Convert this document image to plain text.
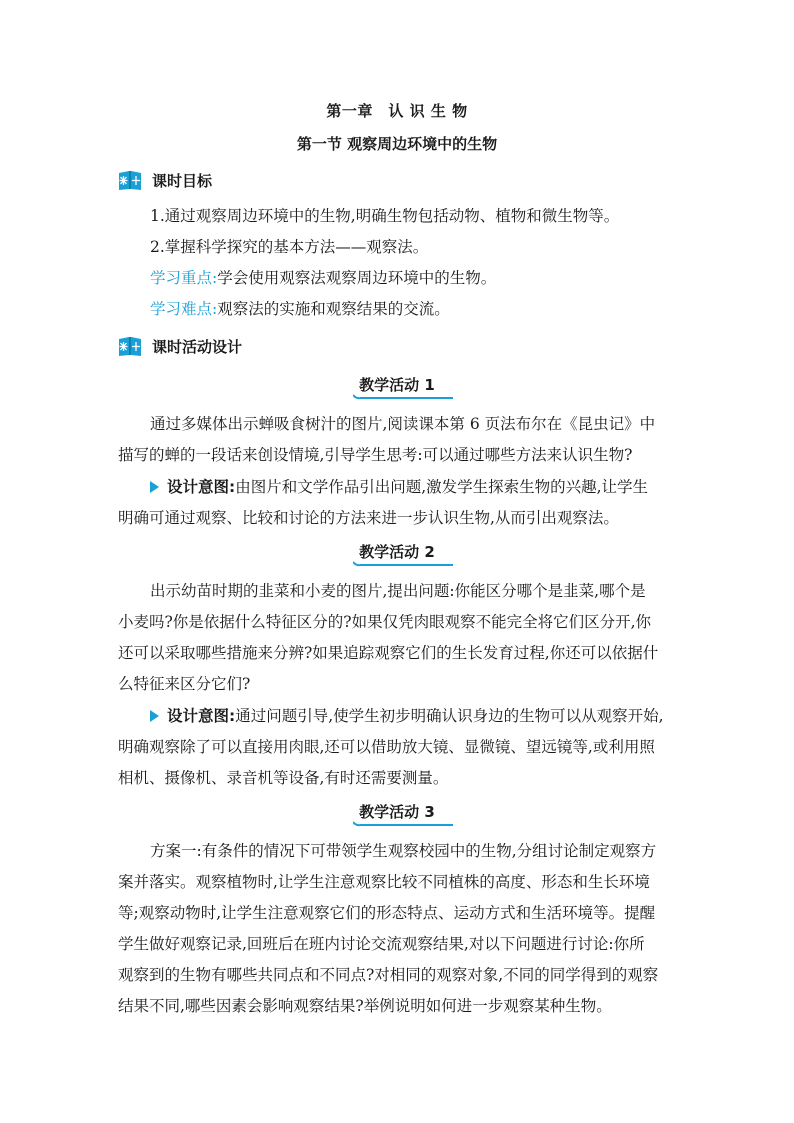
第一章　认 识 生 物
第一节 观察周边环境中的生物
课时目标
1.通过观察周边环境中的生物,明确生物包括动物、植物和微生物等。
2.掌握科学探究的基本方法——观察法。
学习重点:学会使用观察法观察周边环境中的生物。
学习难点:观察法的实施和观察结果的交流。
课时活动设计
教学活动 1
通过多媒体出示蝉吸食树汁的图片,阅读课本第 6 页法布尔在《昆虫记》中
描写的蝉的一段话来创设情境,引导学生思考:可以通过哪些方法来认识生物?
设计意图:由图片和文学作品引出问题,激发学生探索生物的兴趣,让学生
明确可通过观察、比较和讨论的方法来进一步认识生物,从而引出观察法。
教学活动 2
出示幼苗时期的韭菜和小麦的图片,提出问题:你能区分哪个是韭菜,哪个是
小麦吗?你是依据什么特征区分的?如果仅凭肉眼观察不能完全将它们区分开,你
还可以采取哪些措施来分辨?如果追踪观察它们的生长发育过程,你还可以依据什
么特征来区分它们?
设计意图:通过问题引导,使学生初步明确认识身边的生物可以从观察开始,
明确观察除了可以直接用肉眼,还可以借助放大镜、显微镜、望远镜等,或利用照
相机、摄像机、录音机等设备,有时还需要测量。
教学活动 3
方案一:有条件的情况下可带领学生观察校园中的生物,分组讨论制定观察方
案并落实。观察植物时,让学生注意观察比较不同植株的高度、形态和生长环境
等;观察动物时,让学生注意观察它们的形态特点、运动方式和生活环境等。提醒
学生做好观察记录,回班后在班内讨论交流观察结果,对以下问题进行讨论:你所
观察到的生物有哪些共同点和不同点?对相同的观察对象,不同的同学得到的观察
结果不同,哪些因素会影响观察结果?举例说明如何进一步观察某种生物。
